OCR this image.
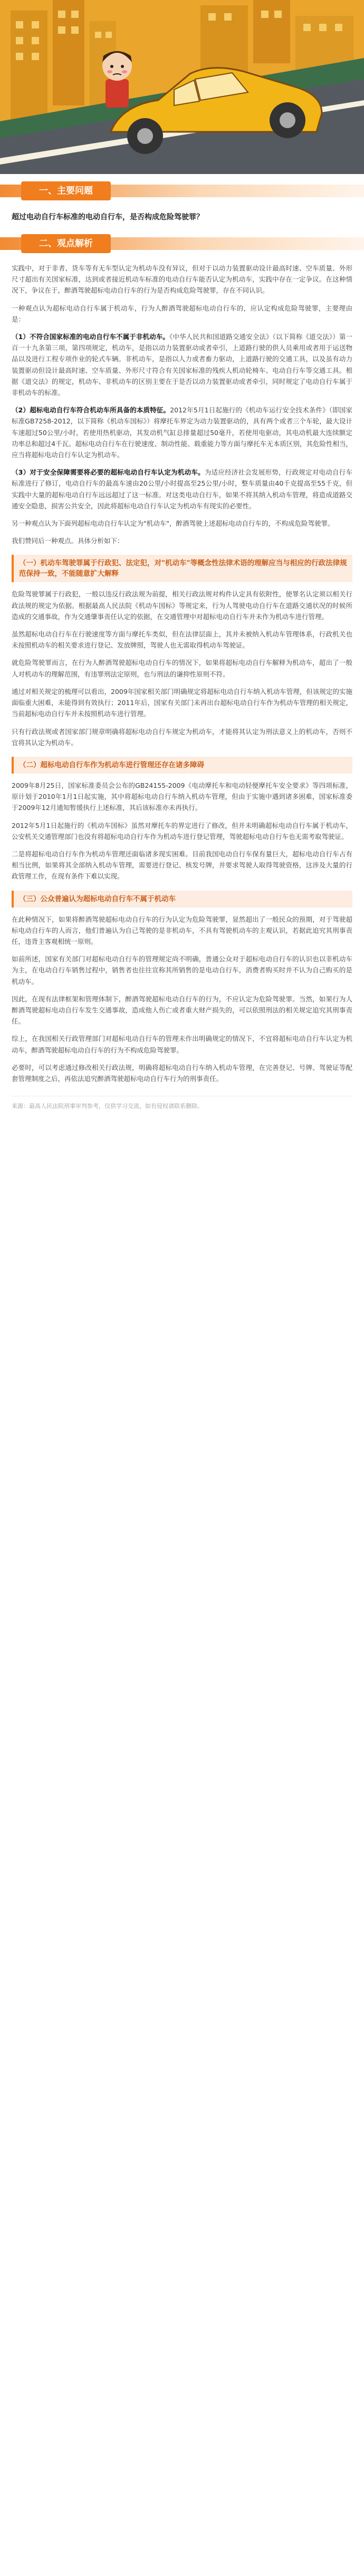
一、主要问题
超过电动自行车标准的电动自行车，是否构成危险驾驶罪？
二、观点解析

实践中，对于非者、货车等有无车型认定为机动车没有异议，但对于以动力装置驱动设计最高时速、空车质量、外形尺寸超出有关国家标准，达到或者接近机动车标准的电动自行车能否认定为机动车，实践中存在一定争议。在这种情况下，争议在于，醉酒驾驶超标电动自行车的行为是否构成危险驾驶罪，存在不同认识。

一种观点认为超标电动自行车属于机动车，行为人醉酒驾驶超标电动自行车的，应认定构成危险驾驶罪，主要理由是：

（1）不符合国家标准的电动自行车不属于非机动车。《中华人民共和国道路交通安全法》（以下简称《道交法》）第一百一十九条第三项、第四项规定，机动车，是指以动力装置驱动或者牵引，上道路行驶的供人员乘用或者用于运送物品以及进行工程专项作业的轮式车辆。非机动车，是指以人力或者畜力驱动，上道路行驶的交通工具，以及虽有动力装置驱动但设计最高时速、空车质量、外形尺寸符合有关国家标准的残疾人机动轮椅车、电动自行车等交通工具。根据《道交法》的规定，机动车、非机动车的区别主要在于是否以动力装置驱动或者牵引，同时规定了电动自行车属于非机动车的标准。

（2）超标电动自行车符合机动车所具备的本质特征。2012年5月1日起施行的《机动车运行安全技术条件》（即国家标准GB7258-2012，以下简称《机动车国标》）将摩托车界定为动力装置驱动的，具有两个或者三个车轮，最大设计车速超过50公里/小时，若使用热机驱动，其发动机气缸总排量超过50毫升，若使用电驱动，其电动机最大连续额定功率总和超过4千瓦。超标电动自行车在行驶速度、制动性能、载重能力等方面与摩托车无本质区别，其危险性相当，应当将超标电动自行车认定为机动车。

（3）对于安全保障需要将必要的超标电动自行车认定为机动车。为适应经济社会发展形势，行政规定对电动自行车标准进行了修订，电动自行车的最高车速由20公里/小时提高至25公里/小时，整车质量由40千克提高至55千克，但实践中大量的超标电动自行车远远超过了这一标准。对这类电动自行车，如果不将其纳入机动车管理，将造成道路交通安全隐患，损害公共安全，因此将超标电动自行车认定为机动车有现实的必要性。

另一种观点认为下面列超标电动自行车认定为"机动车"，醉酒驾驶上述超标电动自行车的，不构成危险驾驶罪。

我们赞同后一种观点。具体分析如下：

（一）机动车驾驶罪属于行政犯、法定犯，对"机动车"等概念性法律术语的理解应当与相应的行政法律规范保持一致，不能随意扩大解释

危险驾驶罪属于行政犯，一般以违反行政法规为前提，相关行政法规对构件认定具有依附性，使罪名认定须以相关行政法规的规定为依据。根据最高人民法院《机动车国标》等规定来，行为人驾驶电动自行车在道路交通状况的时候所造成的交通事故，作为交通肇事责任认定的依据，在交通管理中对超标电动自行车并未作为机动车进行管理。

虽然超标电动自行车在行驶速度等方面与摩托车类似，但在法律层面上，其并未被纳入机动车管理体系，行政机关也未按照机动车的相关要求进行登记、发放牌照，驾驶人也无需取得机动车驾驶证。

就危险驾驶罪而言，在行为人醉酒驾驶超标电动自行车的情况下，如果将超标电动自行车解释为机动车，超出了一般人对机动车的理解范围，有违罪刑法定原则，也与刑法的谦抑性原则不符。

通过对相关规定的梳理可以看出，2009年国家相关部门明确规定将超标电动自行车纳入机动车管理，但该规定的实施面临重大困难，未能得到有效执行；2011年后，国家有关部门未再出台超标电动自行车作为机动车管理的相关规定，当前超标电动自行车并未按照机动车进行管理。

只有行政法规或者国家部门规章明确将超标电动自行车规定为机动车，才能将其认定为刑法意义上的机动车，否则不宜将其认定为机动车。

（二）超标电动自行车作为机动车进行管理还存在诸多障碍

2009年8月25日，国家标准委员会公布的GB24155-2009《电动摩托车和电动轻便摩托车安全要求》等四项标准，原计划于2010年1月1日起实施，其中将超标电动自行车纳入机动车管理，但由于实施中遇到诸多困难，国家标准委于2009年12月通知暂缓执行上述标准，其后该标准亦未再执行。

2012年5月1日起施行的《机动车国标》虽然对摩托车的界定进行了修改，但并未明确超标电动自行车属于机动车，公安机关交通管理部门也没有将超标电动自行车作为机动车进行登记管理，驾驶超标电动自行车也无需考取驾驶证。

二是将超标电动自行车作为机动车管理还面临诸多现实困难。目前我国电动自行车保有量巨大，超标电动自行车占有相当比例，如果将其全部纳入机动车管理，需要进行登记、核发号牌，并要求驾驶人取得驾驶资格，这涉及大量的行政管理工作，在现有条件下难以实现。

（三）公众普遍认为超标电动自行车不属于机动车

在此种情况下，如果将醉酒驾驶超标电动自行车的行为认定为危险驾驶罪，显然超出了一般民众的预期，对于驾驶超标电动自行车的人而言，他们普遍认为自己驾驶的是非机动车，不具有驾驶机动车的主观认识，若据此追究其刑事责任，违背主客观相统一原则。

如前所述，国家有关部门对超标电动自行车的管理规定尚不明确，普通公众对于超标电动自行车的认识也以非机动车为主，在电动自行车销售过程中，销售者也往往宣称其所销售的是电动自行车，消费者购买时并不认为自己购买的是机动车。

因此，在现有法律框架和管理体制下，醉酒驾驶超标电动自行车的行为，不应认定为危险驾驶罪。当然，如果行为人醉酒驾驶超标电动自行车发生交通事故，造成他人伤亡或者重大财产损失的，可以依照刑法的相关规定追究其刑事责任。

综上，在我国相关行政管理部门对超标电动自行车的管理未作出明确规定的情况下，不宜将超标电动自行车认定为机动车，醉酒驾驶超标电动自行车的行为不构成危险驾驶罪。

必要时，可以考虑通过修改相关行政法规，明确将超标电动自行车纳入机动车管理，在完善登记、号牌、驾驶证等配套管理制度之后，再依法追究醉酒驾驶超标电动自行车行为的刑事责任。

来源：最高人民法院刑事审判参考，仅供学习交流，如有侵权请联系删除。
